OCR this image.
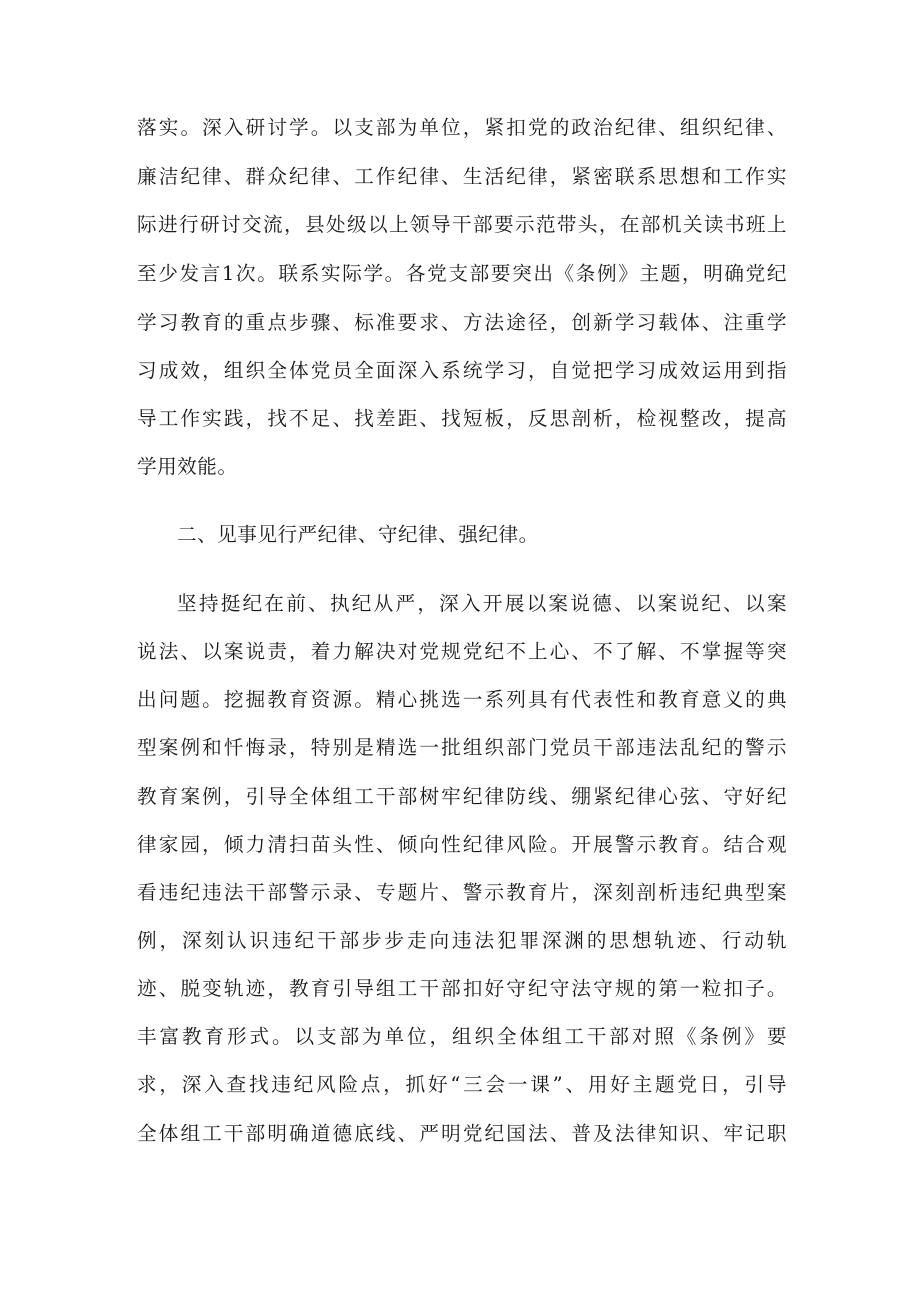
落实。深入研讨学。以支部为单位，紧扣党的政治纪律、组织纪律、
廉洁纪律、群众纪律、工作纪律、生活纪律，紧密联系思想和工作实
际进行研讨交流，县处级以上领导干部要示范带头，在部机关读书班上
至少发言1次。联系实际学。各党支部要突出《条例》主题，明确党纪
学习教育的重点步骤、标准要求、方法途径，创新学习载体、注重学
习成效，组织全体党员全面深入系统学习，自觉把学习成效运用到指
导工作实践，找不足、找差距、找短板，反思剖析，检视整改，提高
学用效能。
二、见事见行严纪律、守纪律、强纪律。
坚持挺纪在前、执纪从严，深入开展以案说德、以案说纪、以案
说法、以案说责，着力解决对党规党纪不上心、不了解、不掌握等突
出问题。挖掘教育资源。精心挑选一系列具有代表性和教育意义的典
型案例和忏悔录，特别是精选一批组织部门党员干部违法乱纪的警示
教育案例，引导全体组工干部树牢纪律防线、绷紧纪律心弦、守好纪
律家园，倾力清扫苗头性、倾向性纪律风险。开展警示教育。结合观
看违纪违法干部警示录、专题片、警示教育片，深刻剖析违纪典型案
例，深刻认识违纪干部步步走向违法犯罪深渊的思想轨迹、行动轨
迹、脱变轨迹，教育引导组工干部扣好守纪守法守规的第一粒扣子。
丰富教育形式。以支部为单位，组织全体组工干部对照《条例》要
求，深入查找违纪风险点，抓好“三会一课”、用好主题党日，引导
全体组工干部明确道德底线、严明党纪国法、普及法律知识、牢记职
